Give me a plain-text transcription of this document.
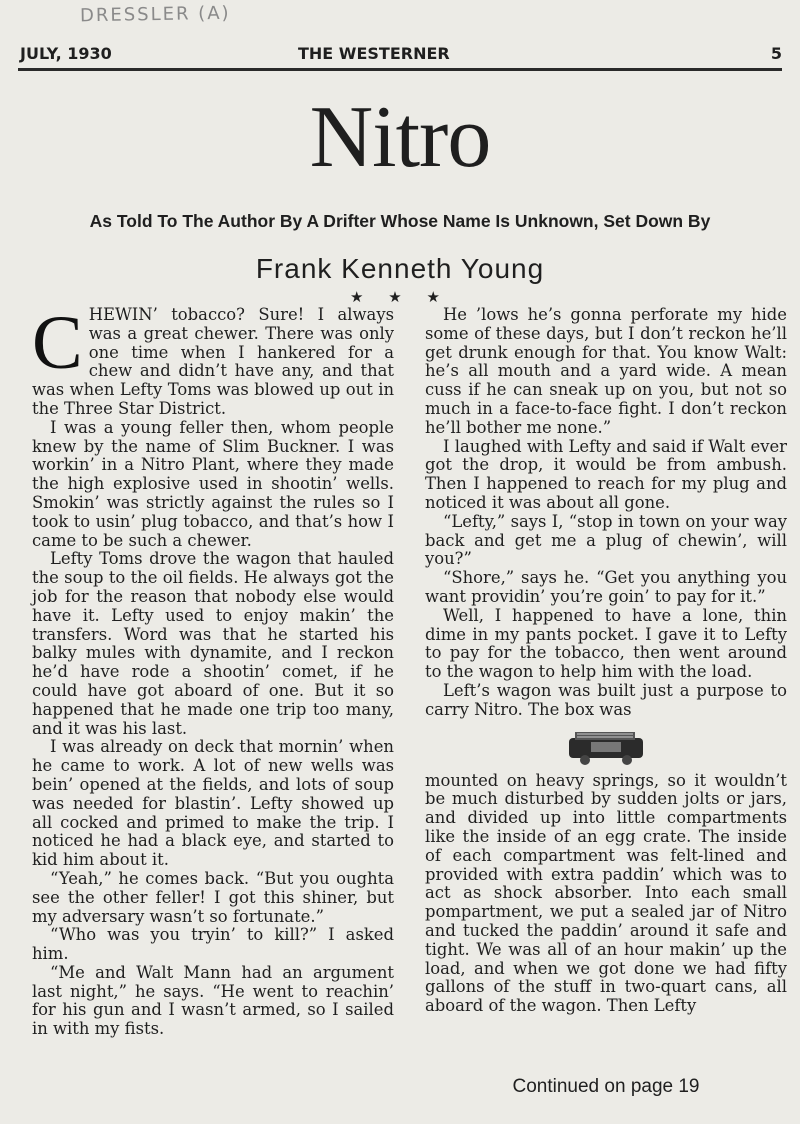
DRESSLER (A)
JULY, 1930	THE WESTERNER	5
Nitro
As Told To The Author By A Drifter Whose Name Is Unknown, Set Down By
Frank Kenneth Young
★ ★ ★
C HEWIN’ tobacco? Sure! I always was a great chewer. There was only one time when I hankered for a chew and didn’t have any, and that was when Lefty Toms was blowed up out in the Three Star District.

I was a young feller then, whom people knew by the name of Slim Buckner. I was workin’ in a Nitro Plant, where they made the high explosive used in shootin’ wells. Smokin’ was strictly against the rules so I took to usin’ plug tobacco, and that’s how I came to be such a chewer.

Lefty Toms drove the wagon that hauled the soup to the oil fields. He always got the job for the reason that nobody else would have it. Lefty used to enjoy makin’ the transfers. Word was that he started his balky mules with dynamite, and I reckon he’d have rode a shootin’ comet, if he could have got aboard of one. But it so happened that he made one trip too many, and it was his last.

I was already on deck that mornin’ when he came to work. A lot of new wells was bein’ opened at the fields, and lots of soup was needed for blastin’. Lefty showed up all cocked and primed to make the trip. I noticed he had a black eye, and started to kid him about it.

“Yeah,” he comes back. “But you oughta see the other feller! I got this shiner, but my adversary wasn’t so fortunate.”

“Who was you tryin’ to kill?” I asked him.

“Me and Walt Mann had an argument last night,” he says. “He went to reachin’ for his gun and I wasn’t armed, so I sailed in with my fists.

He ’lows he’s gonna perforate my hide some of these days, but I don’t reckon he’ll get drunk enough for that. You know Walt: he’s all mouth and a yard wide. A mean cuss if he can sneak up on you, but not so much in a face-to-face fight. I don’t reckon he’ll bother me none.”

I laughed with Lefty and said if Walt ever got the drop, it would be from ambush. Then I happened to reach for my plug and noticed it was about all gone.

“Lefty,” says I, “stop in town on your way back and get me a plug of chewin’, will you?”

“Shore,” says he. “Get you anything you want providin’ you’re goin’ to pay for it.”

Well, I happened to have a lone, thin dime in my pants pocket. I gave it to Lefty to pay for the tobacco, then went around to the wagon to help him with the load.

Left’s wagon was built just a purpose to carry Nitro. The box was

mounted on heavy springs, so it wouldn’t be much disturbed by sudden jolts or jars, and divided up into little compartments like the inside of an egg crate. The inside of each compartment was felt-lined and provided with extra paddin’ which was to act as shock absorber. Into each small pompartment, we put a sealed jar of Nitro and tucked the paddin’ around it safe and tight. We was all of an hour makin’ up the load, and when we got done we had fifty gallons of the stuff in two-quart cans, all aboard of the wagon. Then Lefty

Continued on page 19
